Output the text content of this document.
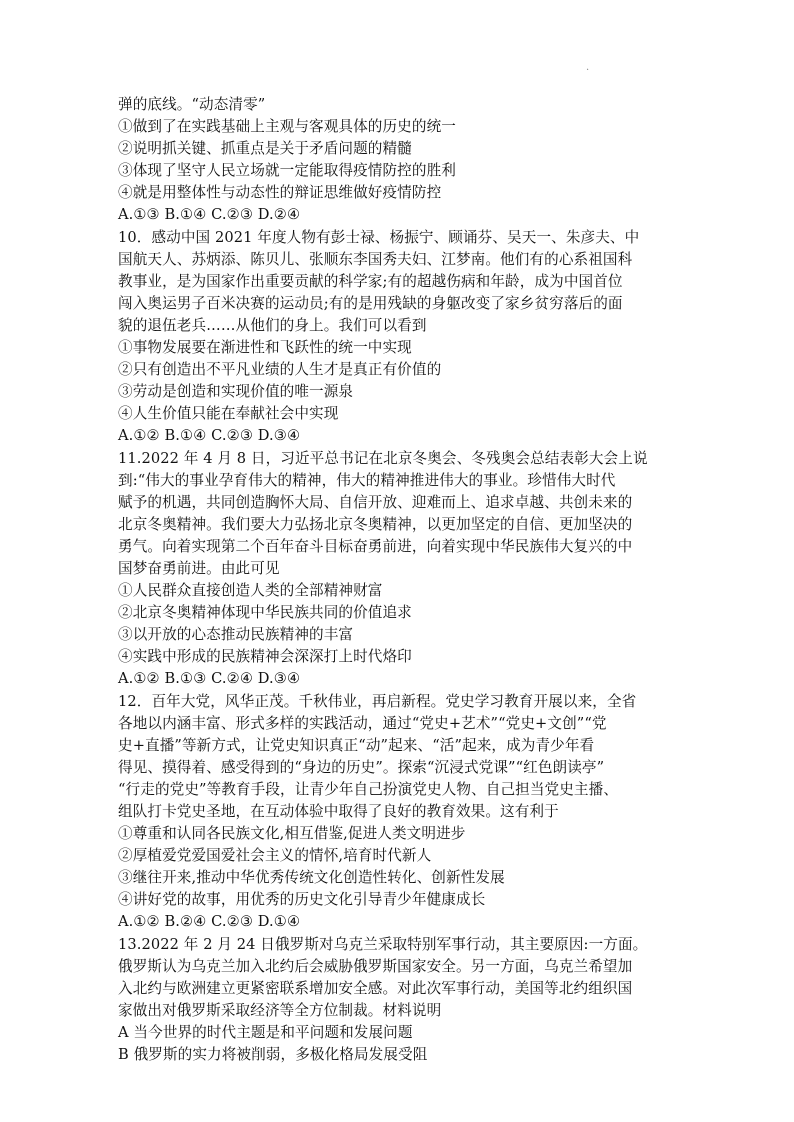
.
弹的底线。“动态清零”
①做到了在实践基础上主观与客观具体的历史的统一
②说明抓关键、抓重点是关于矛盾问题的精髓
③体现了坚守人民立场就一定能取得疫情防控的胜利
④就是用整体性与动态性的辩证思维做好疫情防控
A.①③ B.①④ C.②③ D.②④
10．感动中国 2021 年度人物有彭士禄、杨振宁、顾诵芬、吴天一、朱彦夫、中
国航天人、苏炳添、陈贝儿、张顺东李国秀夫妇、江梦南。他们有的心系祖国科
教事业，是为国家作出重要贡献的科学家;有的超越伤病和年龄，成为中国首位
闯入奥运男子百米决赛的运动员;有的是用残缺的身躯改变了家乡贫穷落后的面
貌的退伍老兵……从他们的身上。我们可以看到
①事物发展要在渐进性和飞跃性的统一中实现
②只有创造出不平凡业绩的人生才是真正有价值的
③劳动是创造和实现价值的唯一源泉
④人生价值只能在奉献社会中实现
A.①② B.①④ C.②③ D.③④
11.2022 年 4 月 8 日，习近平总书记在北京冬奥会、冬残奥会总结表彰大会上说
到:“伟大的事业孕育伟大的精神，伟大的精神推进伟大的事业。珍惜伟大时代
赋予的机遇，共同创造胸怀大局、自信开放、迎难而上、追求卓越、共创未来的
北京冬奥精神。我们要大力弘扬北京冬奥精神，以更加坚定的自信、更加坚决的
勇气。向着实现第二个百年奋斗目标奋勇前进，向着实现中华民族伟大复兴的中
国梦奋勇前进。由此可见
①人民群众直接创造人类的全部精神财富
②北京冬奥精神体现中华民族共同的价值追求
③以开放的心态推动民族精神的丰富
④实践中形成的民族精神会深深打上时代烙印
A.①② B.①③ C.②④ D.③④
12．百年大党，风华正茂。千秋伟业，再启新程。党史学习教育开展以来，全省
各地以内涵丰富、形式多样的实践活动，通过“党史+艺术”“党史+文创”“党
史+直播”等新方式，让党史知识真正“动”起来、“活”起来，成为青少年看
得见、摸得着、感受得到的“身边的历史”。探索“沉浸式党课”“红色朗读亭”
“行走的党史”等教育手段，让青少年自己扮演党史人物、自己担当党史主播、
组队打卡党史圣地，在互动体验中取得了良好的教育效果。这有利于
①尊重和认同各民族文化,相互借鉴,促进人类文明进步
②厚植爱党爱国爱社会主义的情怀,培育时代新人
③继往开来,推动中华优秀传统文化创造性转化、创新性发展
④讲好党的故事，用优秀的历史文化引导青少年健康成长
A.①② B.②④ C.②③ D.①④
13.2022 年 2 月 24 日俄罗斯对乌克兰采取特别军事行动，其主要原因:一方面。
俄罗斯认为乌克兰加入北约后会威胁俄罗斯国家安全。另一方面，乌克兰希望加
入北约与欧洲建立更紧密联系增加安全感。对此次军事行动，美国等北约组织国
家做出对俄罗斯采取经济等全方位制裁。材料说明
A 当今世界的时代主题是和平问题和发展问题
B 俄罗斯的实力将被削弱，多极化格局发展受阻
